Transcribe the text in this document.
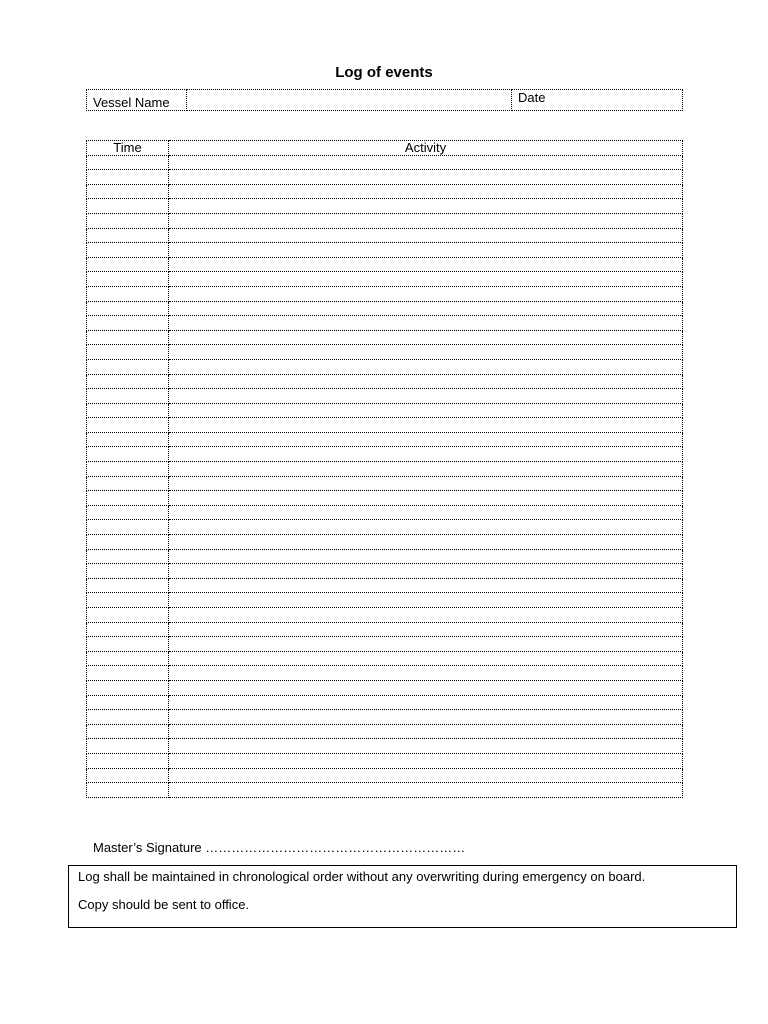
Log of events
Vessel Name		Date
Time	Activity

Master’s Signature ……………………………………………………

Log shall be maintained in chronological order without any overwriting during emergency on board.

Copy should be sent to office.
